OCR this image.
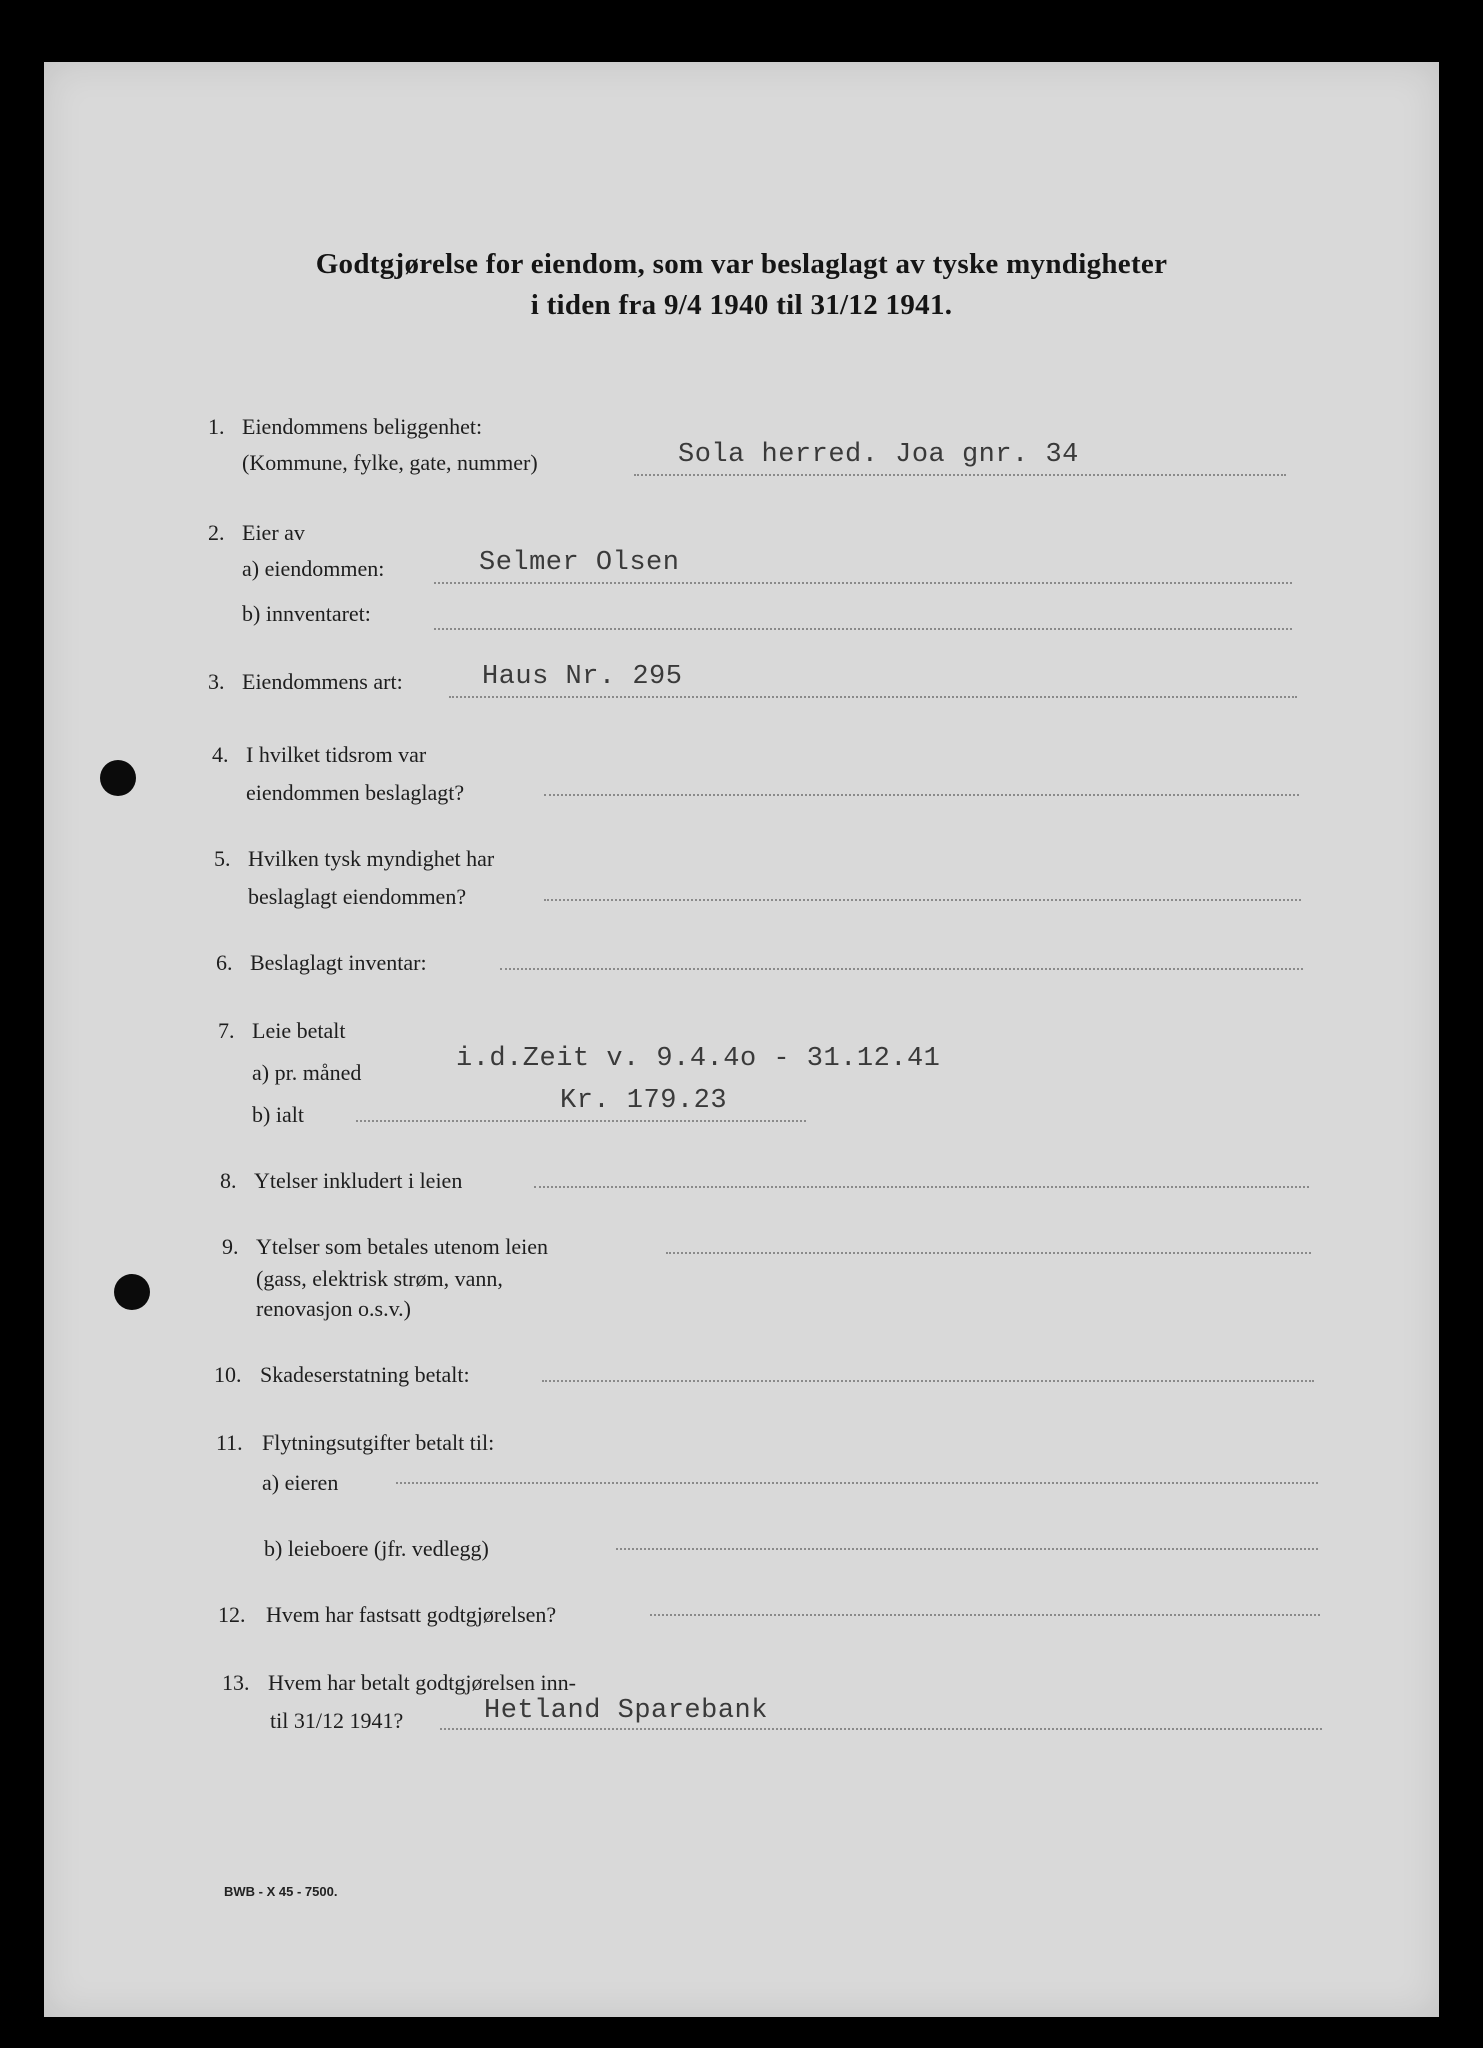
Godtgjørelse for eiendom, som var beslaglagt av tyske myndigheter
i tiden fra 9/4 1940 til 31/12 1941.
1. Eiendommens beliggenhet:
(Kommune, fylke, gate, nummer)	Sola herred. Joa gnr. 34
2. Eier av
a) eiendommen:	Selmer Olsen
b) innventaret:
3. Eiendommens art:	Haus Nr. 295
4. I hvilket tidsrom var
eiendommen beslaglagt?
5. Hvilken tysk myndighet har
beslaglagt eiendommen?
6. Beslaglagt inventar:
7. Leie betalt
a) pr. måned	i.d.Zeit v. 9.4.4o - 31.12.41
b) ialt	Kr. 179.23
8. Ytelser inkludert i leien
9. Ytelser som betales utenom leien
(gass, elektrisk strøm, vann,
renovasjon o.s.v.)
10. Skadeserstatning betalt:
11. Flytningsutgifter betalt til:
a) eieren
b) leieboere (jfr. vedlegg)
12. Hvem har fastsatt godtgjørelsen?
13. Hvem har betalt godtgjørelsen inn-
til 31/12 1941?	Hetland Sparebank
BWB - X 45 - 7500.
